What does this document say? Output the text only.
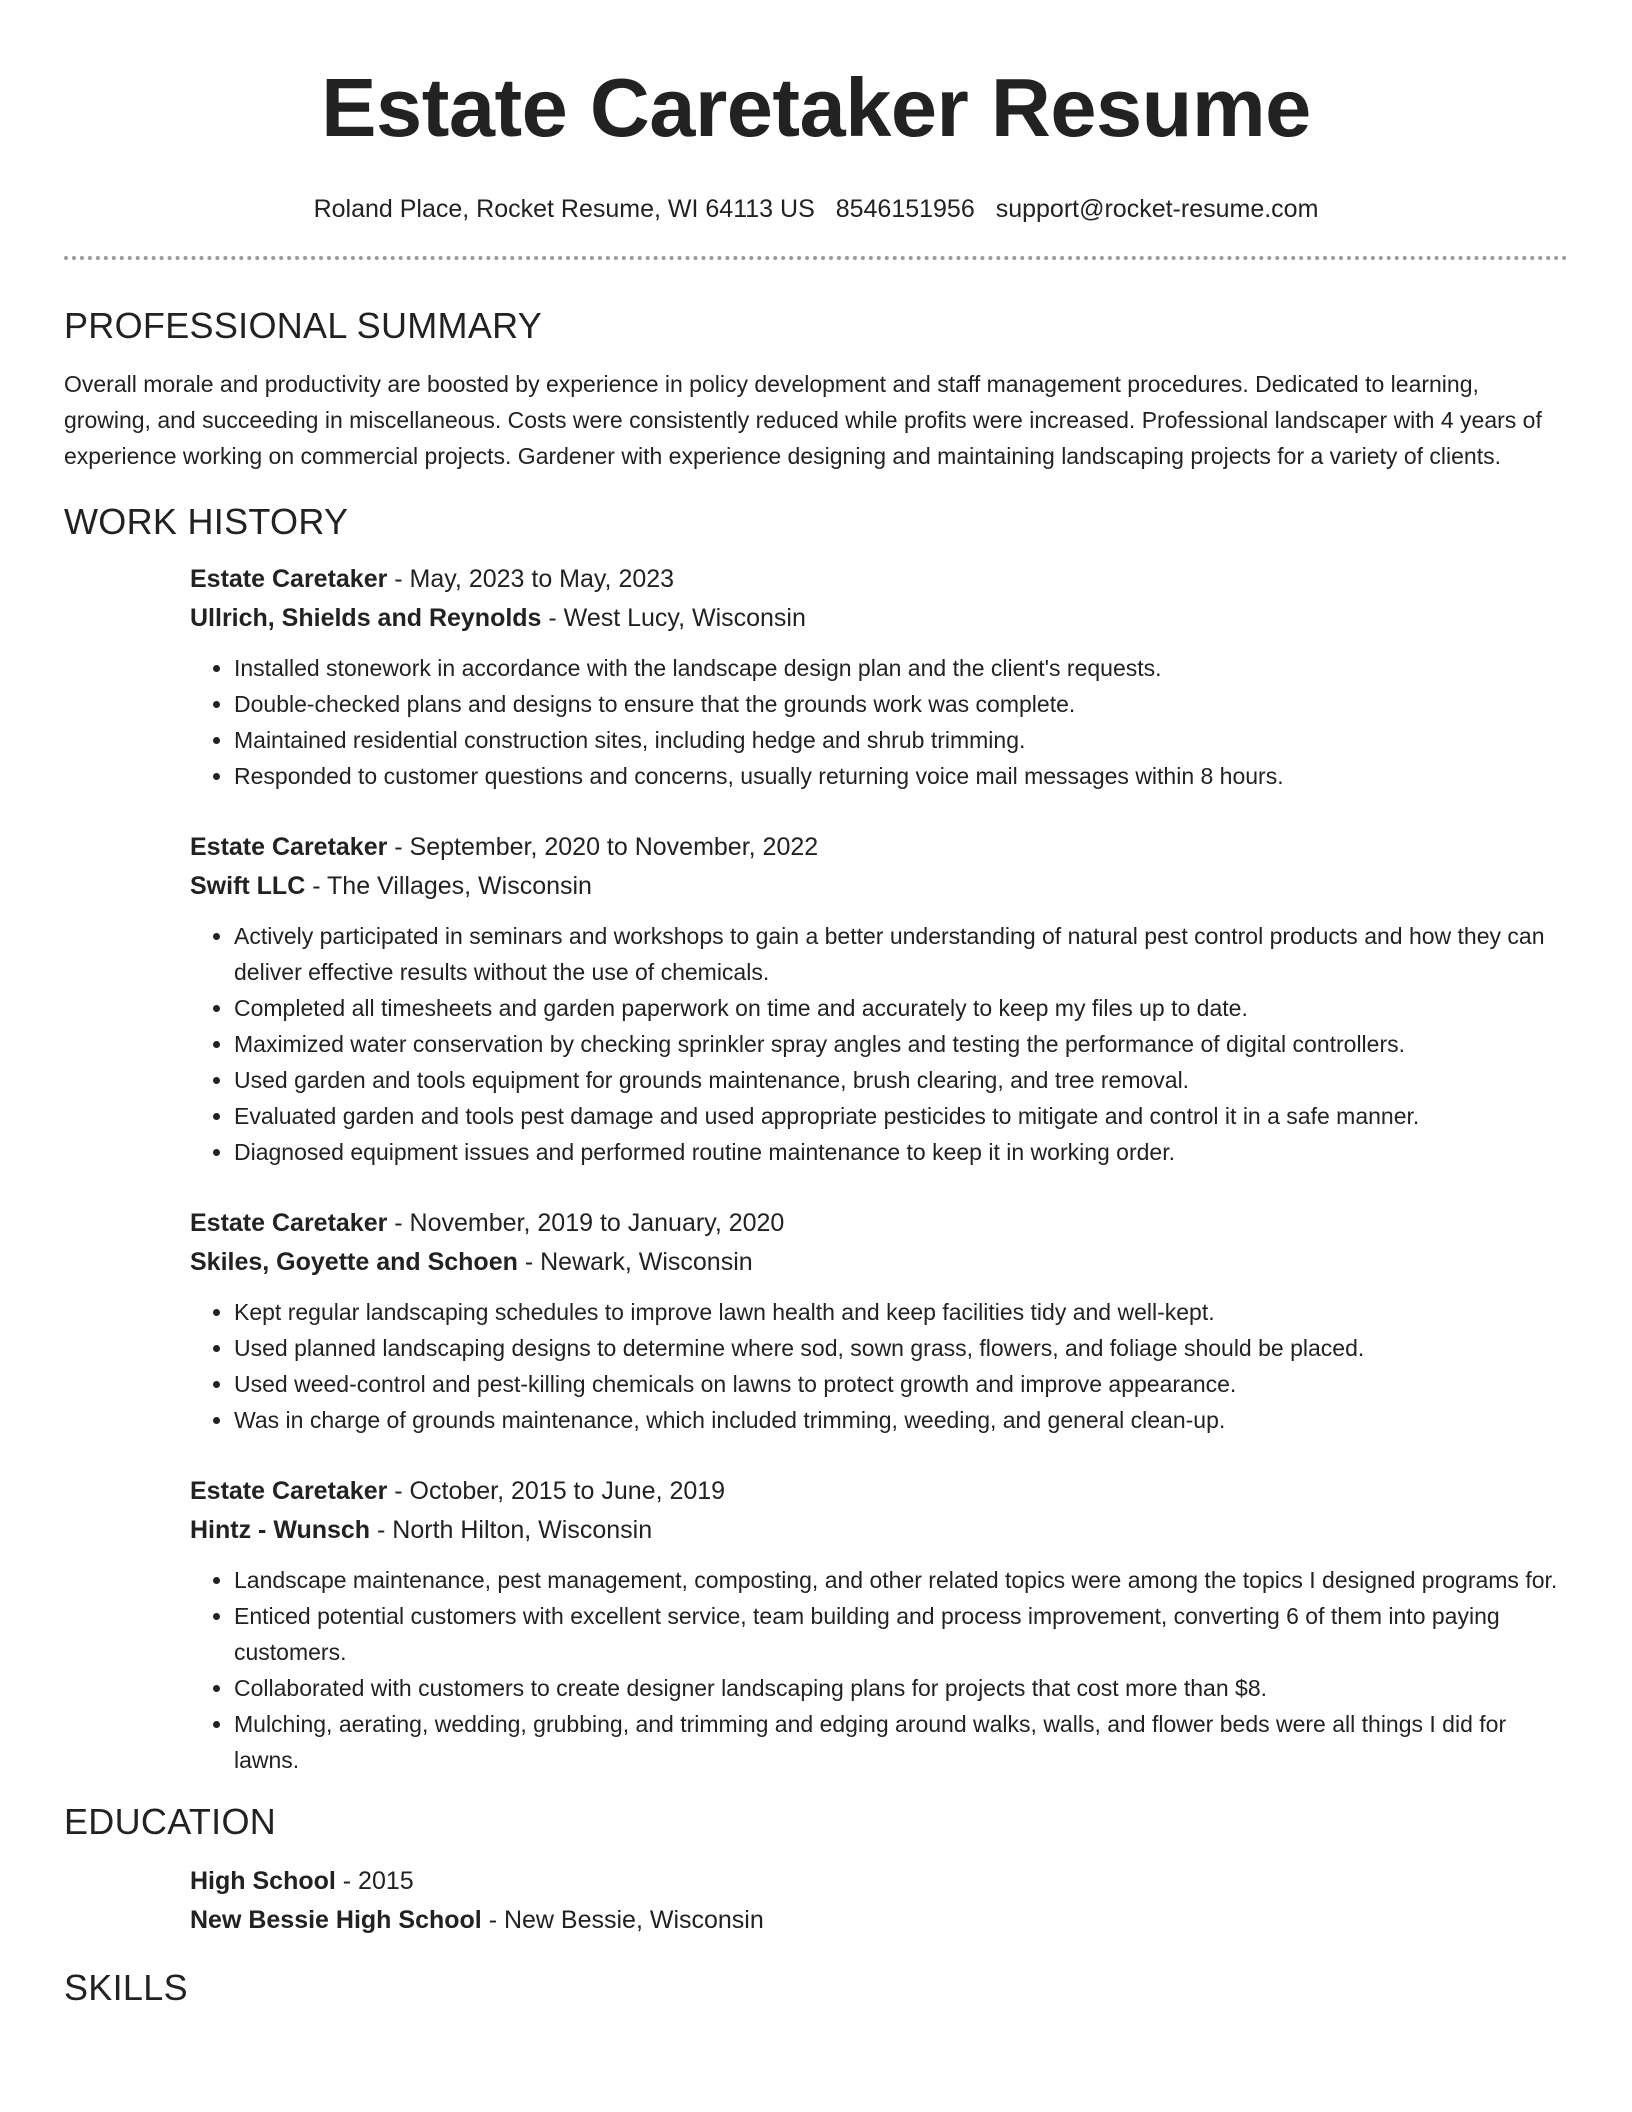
Estate Caretaker Resume
Roland Place, Rocket Resume, WI 64113 US 8546151956 support@rocket-resume.com
PROFESSIONAL SUMMARY

Overall morale and productivity are boosted by experience in policy development and staff management procedures. Dedicated to learning, growing, and succeeding in miscellaneous. Costs were consistently reduced while profits were increased. Professional landscaper with 4 years of experience working on commercial projects. Gardener with experience designing and maintaining landscaping projects for a variety of clients.

WORK HISTORY
Estate Caretaker - May, 2023 to May, 2023
Ullrich, Shields and Reynolds - West Lucy, Wisconsin
• Installed stonework in accordance with the landscape design plan and the client's requests.
• Double-checked plans and designs to ensure that the grounds work was complete.
• Maintained residential construction sites, including hedge and shrub trimming.
• Responded to customer questions and concerns, usually returning voice mail messages within 8 hours.
Estate Caretaker - September, 2020 to November, 2022
Swift LLC - The Villages, Wisconsin
• Actively participated in seminars and workshops to gain a better understanding of natural pest control products and how they can deliver effective results without the use of chemicals.
• Completed all timesheets and garden paperwork on time and accurately to keep my files up to date.
• Maximized water conservation by checking sprinkler spray angles and testing the performance of digital controllers.
• Used garden and tools equipment for grounds maintenance, brush clearing, and tree removal.
• Evaluated garden and tools pest damage and used appropriate pesticides to mitigate and control it in a safe manner.
• Diagnosed equipment issues and performed routine maintenance to keep it in working order.
Estate Caretaker - November, 2019 to January, 2020
Skiles, Goyette and Schoen - Newark, Wisconsin
• Kept regular landscaping schedules to improve lawn health and keep facilities tidy and well-kept.
• Used planned landscaping designs to determine where sod, sown grass, flowers, and foliage should be placed.
• Used weed-control and pest-killing chemicals on lawns to protect growth and improve appearance.
• Was in charge of grounds maintenance, which included trimming, weeding, and general clean-up.
Estate Caretaker - October, 2015 to June, 2019
Hintz - Wunsch - North Hilton, Wisconsin
• Landscape maintenance, pest management, composting, and other related topics were among the topics I designed programs for.
• Enticed potential customers with excellent service, team building and process improvement, converting 6 of them into paying customers.
• Collaborated with customers to create designer landscaping plans for projects that cost more than $8.
• Mulching, aerating, wedding, grubbing, and trimming and edging around walks, walls, and flower beds were all things I did for lawns.
EDUCATION
High School - 2015
New Bessie High School - New Bessie, Wisconsin
SKILLS
